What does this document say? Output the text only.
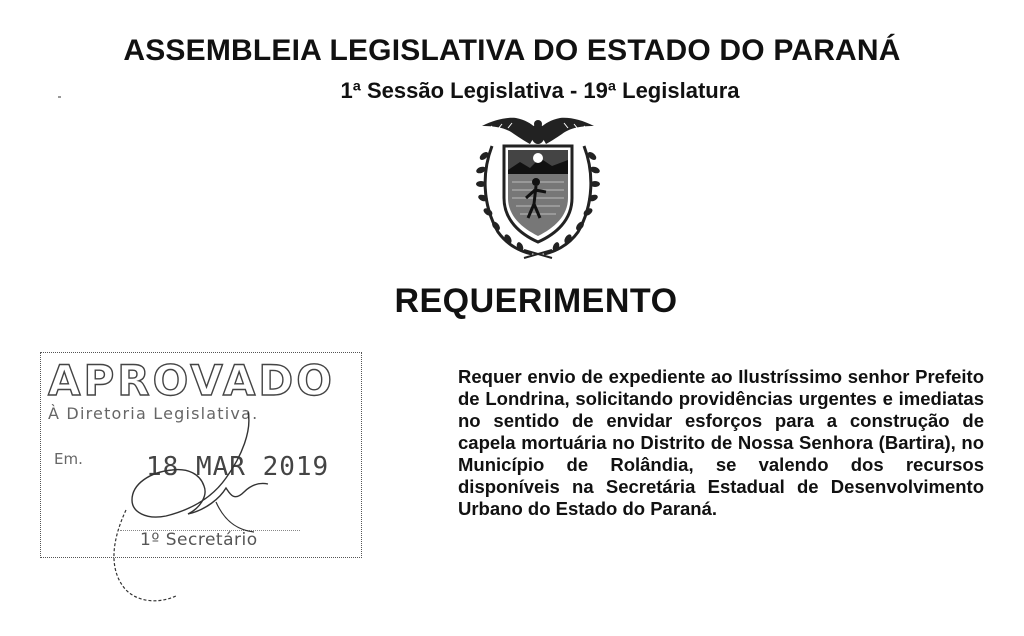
ASSEMBLEIA LEGISLATIVA DO ESTADO DO PARANÁ
1ª Sessão Legislativa - 19ª Legislatura
REQUERIMENTO
APROVADO
À Diretoria Legislativa.
Em. 18 MAR 2019
1º Secretário
Requer envio de expediente ao Ilustríssimo senhor Prefeito de Londrina, solicitando providências urgentes e imediatas no sentido de envidar esforços para a construção de capela mortuária no Distrito de Nossa Senhora (Bartira), no Município de Rolândia, se valendo dos recursos disponíveis na Secretária Estadual de Desenvolvimento Urbano do Estado do Paraná.
